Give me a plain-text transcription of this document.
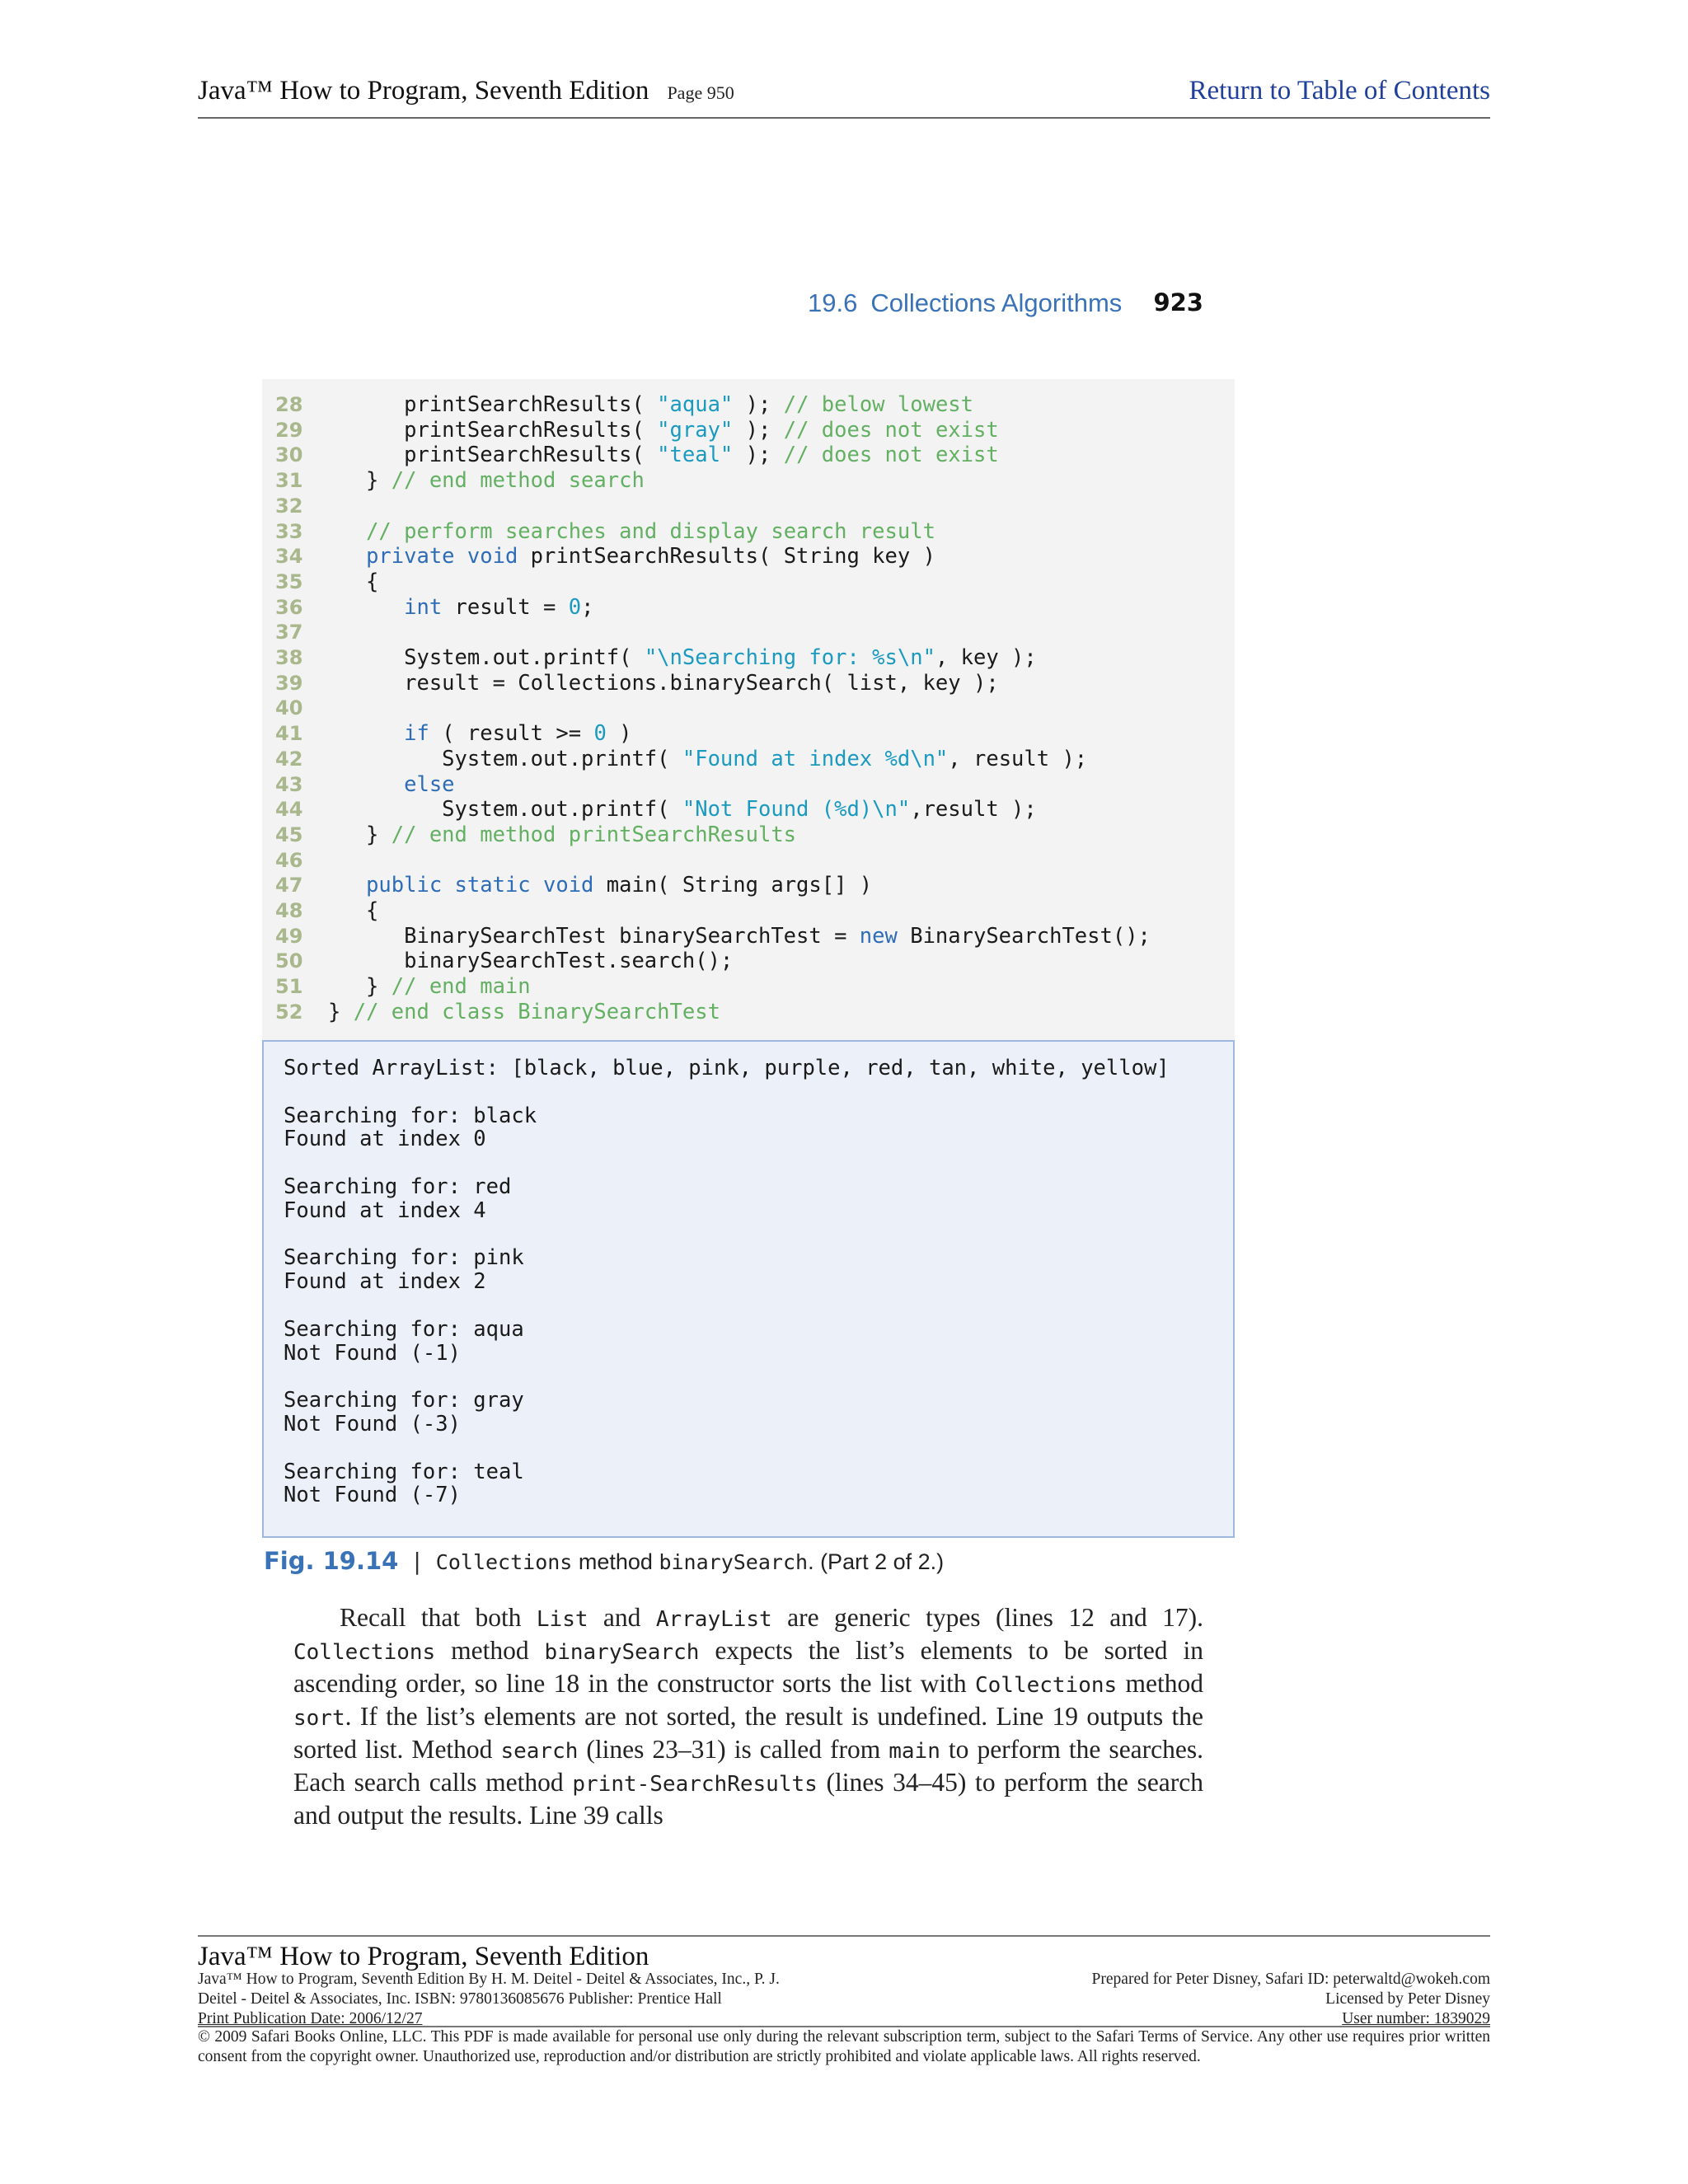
Java™ How to Program, Seventh Edition Page 950	Return to Table of Contents
19.6 Collections Algorithms 923
28	printSearchResults( "aqua" ); // below lowest
29	printSearchResults( "gray" ); // does not exist
30	printSearchResults( "teal" ); // does not exist
31	} // end method search
32
33	// perform searches and display search result
34	private void printSearchResults( String key )
35	{
36	int result = 0;
37
38	System.out.printf( "\nSearching for: %s\n", key );
39	result = Collections.binarySearch( list, key );
40
41	if ( result >= 0 )
42	System.out.printf( "Found at index %d\n", result );
43	else
44	System.out.printf( "Not Found (%d)\n",result );
45	} // end method printSearchResults
46
47	public static void main( String args[] )
48	{
49	BinarySearchTest binarySearchTest = new BinarySearchTest();
50	binarySearchTest.search();
51	} // end main
52	} // end class BinarySearchTest
Sorted ArrayList: [black, blue, pink, purple, red, tan, white, yellow]
Searching for: black
Found at index 0
Searching for: red
Found at index 4
Searching for: pink
Found at index 2
Searching for: aqua
Not Found (-1)
Searching for: gray
Not Found (-3)
Searching for: teal
Not Found (-7)
Fig. 19.14 | Collections method binarySearch. (Part 2 of 2.)

Recall that both List and ArrayList are generic types (lines 12 and 17). Collections method binarySearch expects the list’s elements to be sorted in ascending order, so line 18 in the constructor sorts the list with Collections method sort. If the list’s elements are not sorted, the result is undefined. Line 19 outputs the sorted list. Method search (lines 23–31) is called from main to perform the searches. Each search calls method print-SearchResults (lines 34–45) to perform the search and output the results. Line 39 calls

Java™ How to Program, Seventh Edition
Java™ How to Program, Seventh Edition By H. M. Deitel - Deitel & Associates, Inc., P. J.
Deitel - Deitel & Associates, Inc. ISBN: 9780136085676 Publisher: Prentice Hall
Print Publication Date: 2006/12/27
Prepared for Peter Disney, Safari ID: peterwaltd@wokeh.com
Licensed by Peter Disney
User number: 1839029
© 2009 Safari Books Online, LLC. This PDF is made available for personal use only during the relevant subscription term, subject to the Safari Terms of Service. Any other use requires prior written consent from the copyright owner. Unauthorized use, reproduction and/or distribution are strictly prohibited and violate applicable laws. All rights reserved.
